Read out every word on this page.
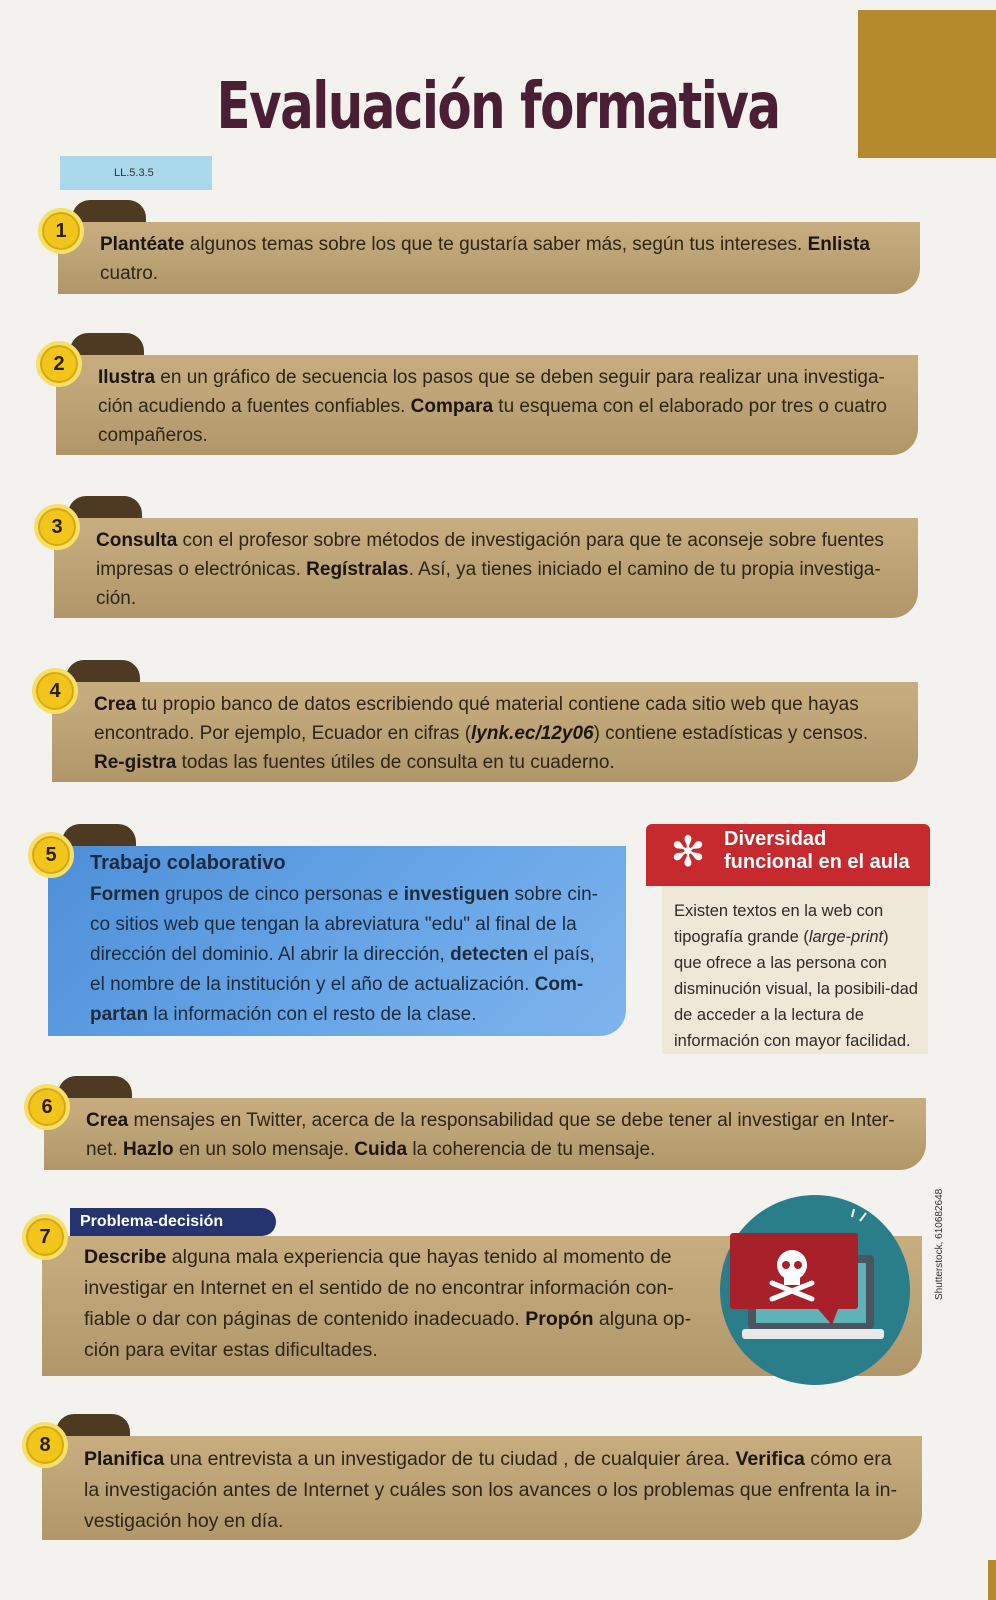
Evaluación formativa
LL.5.3.5

Plantéate algunos temas sobre los que te gustaría saber más, según tus intereses. Enlista cuatro.

1

Ilustra en un gráfico de secuencia los pasos que se deben seguir para realizar una investiga-ción acudiendo a fuentes confiables. Compara tu esquema con el elaborado por tres o cuatro compañeros.

2

Consulta con el profesor sobre métodos de investigación para que te aconseje sobre fuentes impresas o electrónicas. Regístralas. Así, ya tienes iniciado el camino de tu propia investiga-ción.

3

Crea tu propio banco de datos escribiendo qué material contiene cada sitio web que hayas encontrado. Por ejemplo, Ecuador en cifras (lynk.ec/12y06) contiene estadísticas y censos. Re-gistra todas las fuentes útiles de consulta en tu cuaderno.

4
Trabajo colaborativo

Formen grupos de cinco personas e investiguen sobre cin-co sitios web que tengan la abreviatura "edu" al final de la dirección del dominio. Al abrir la dirección, detecten el país, el nombre de la institución y el año de actualización. Com-partan la información con el resto de la clase.

5	✻ Diversidad
funcional en el aula
Existen textos en la web con tipografía grande (large-print) que ofrece a las persona con disminución visual, la posibili-dad de acceder a la lectura de información con mayor facilidad.

Crea mensajes en Twitter, acerca de la responsabilidad que se debe tener al investigar en Inter-net. Hazlo en un solo mensaje. Cuida la coherencia de tu mensaje.

6

Describe alguna mala experiencia que hayas tenido al momento de investigar en Internet en el sentido de no encontrar información con-fiable o dar con páginas de contenido inadecuado. Propón alguna op-ción para evitar estas dificultades.

7
Problema-decisión	Shutterstock, 610682648

Planifica una entrevista a un investigador de tu ciudad , de cualquier área. Verifica cómo era la investigación antes de Internet y cuáles son los avances o los problemas que enfrenta la in-vestigación hoy en día.

8
